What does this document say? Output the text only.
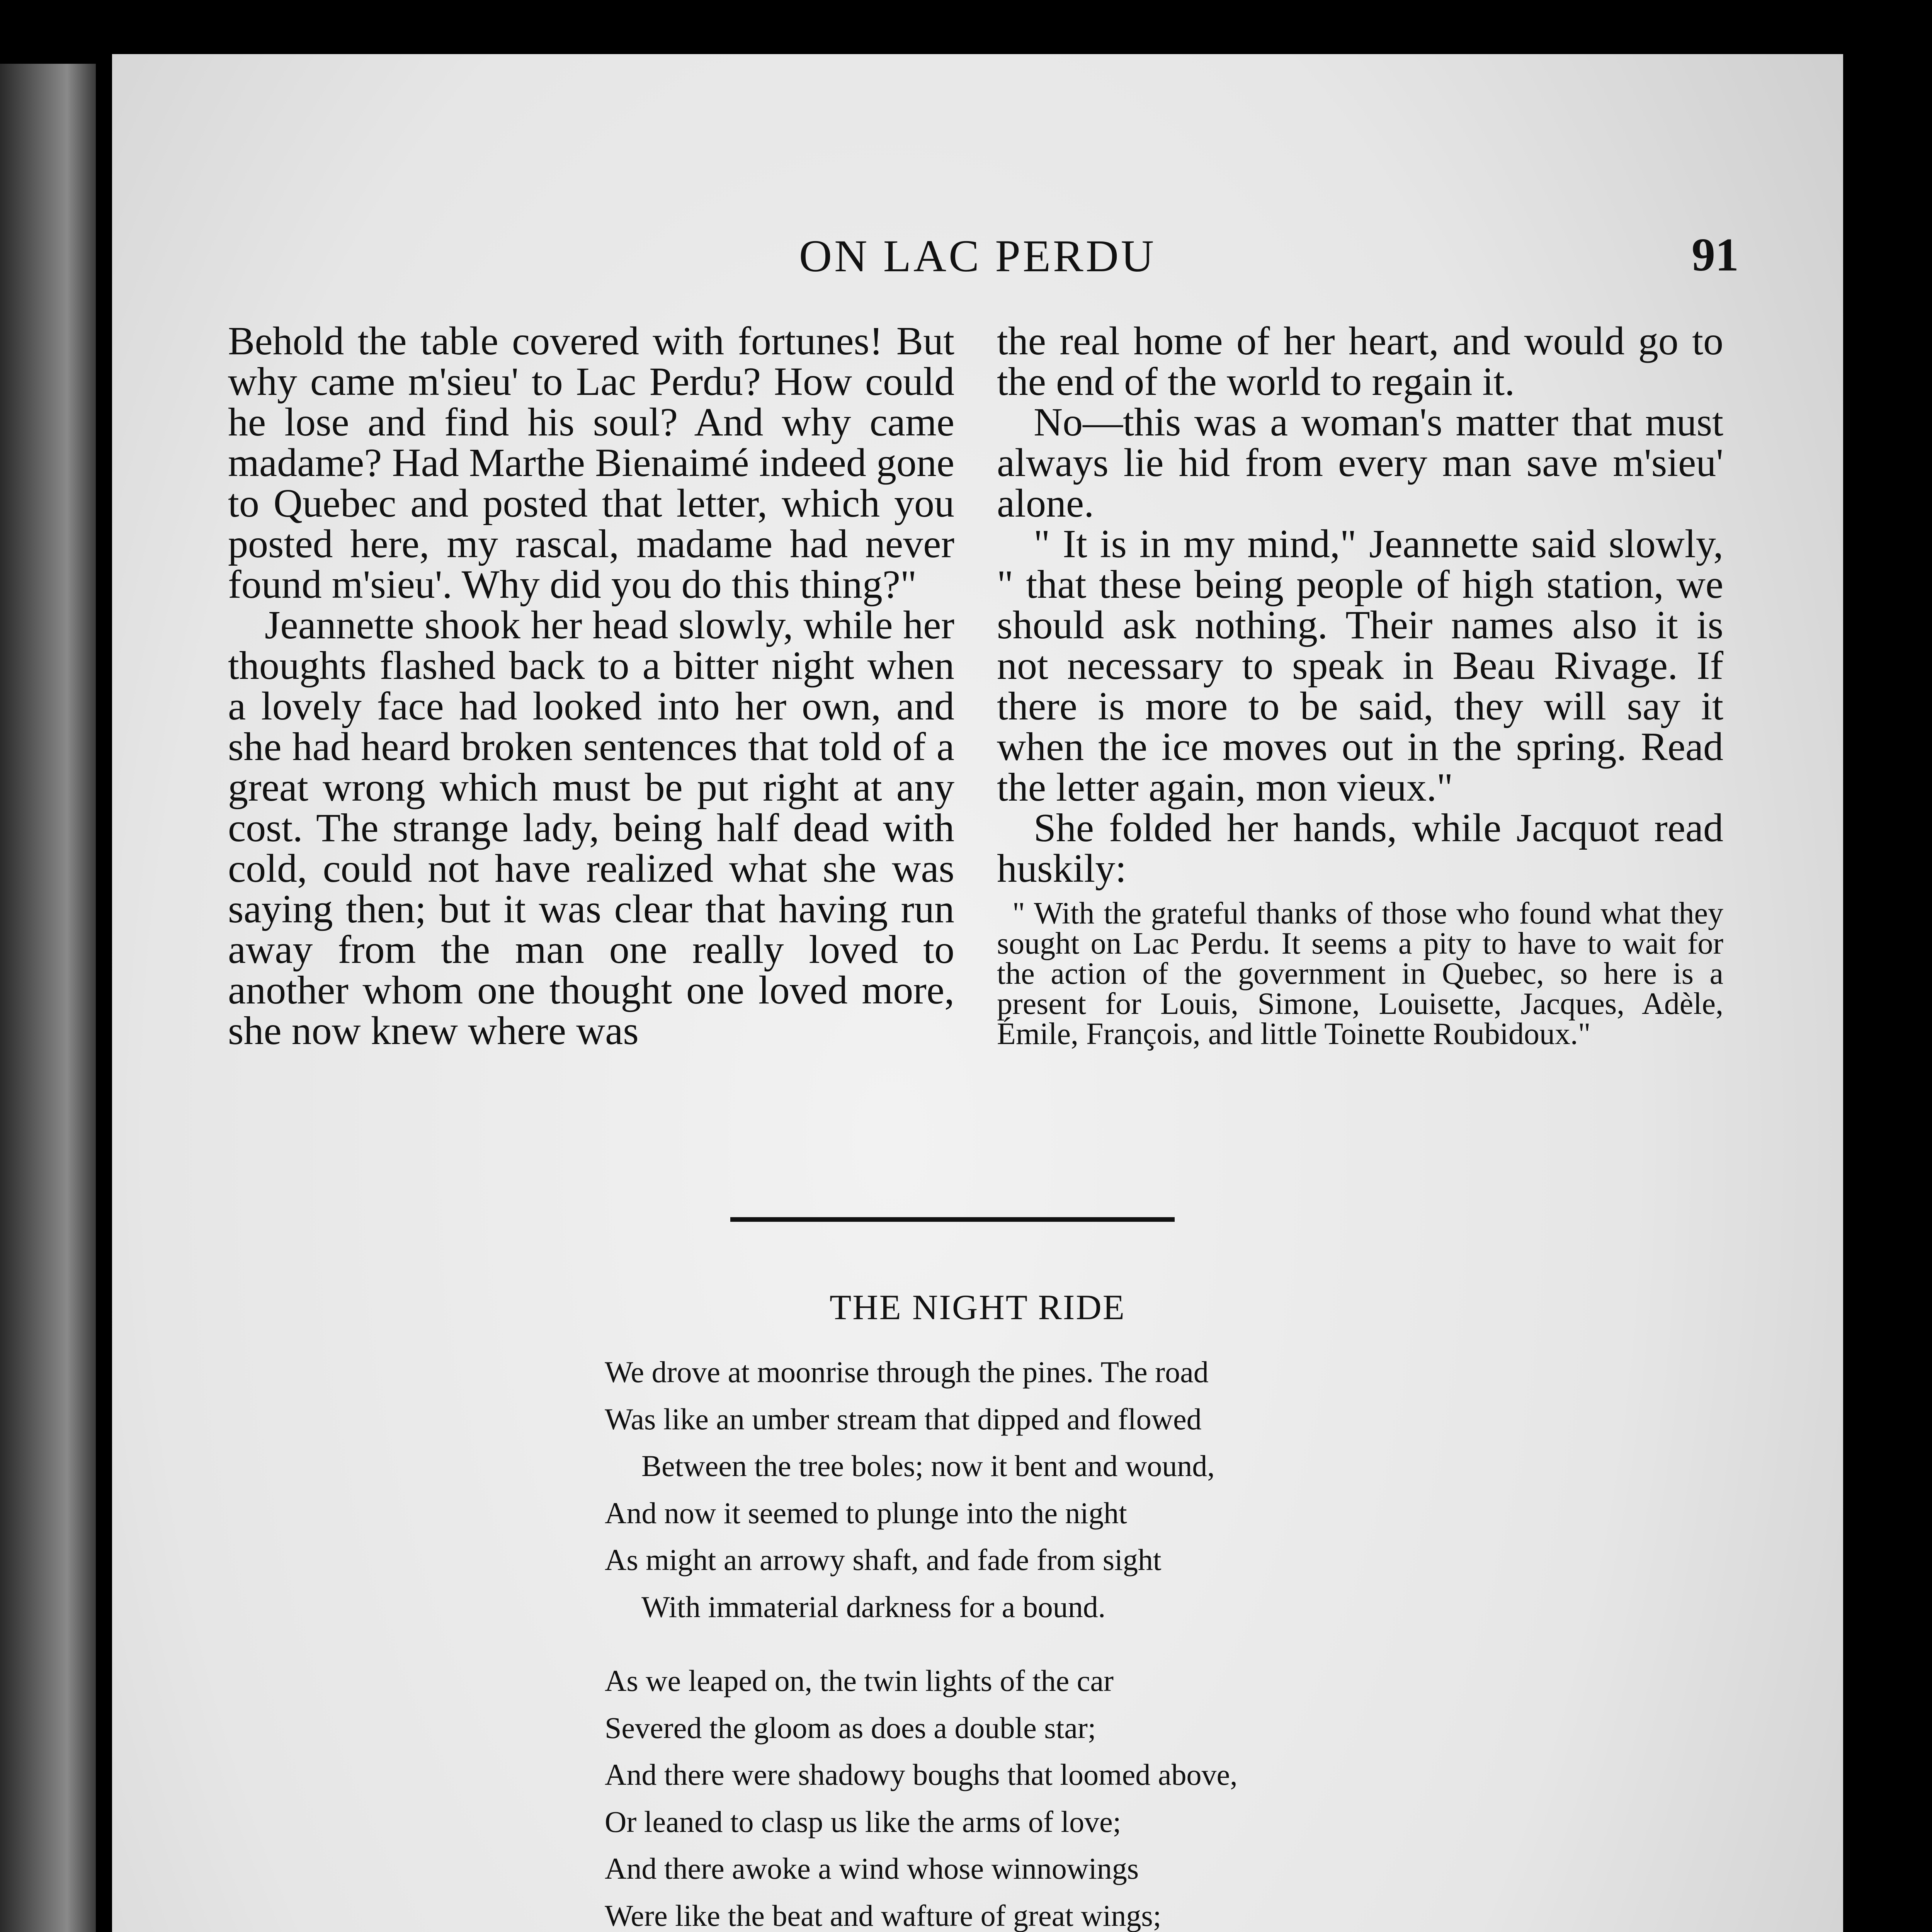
ON LAC PERDU	91

Behold the table covered with fortunes! But why came m'sieu' to Lac Perdu? How could he lose and find his soul? And why came madame? Had Marthe Bienaimé indeed gone to Quebec and posted that letter, which you posted here, my rascal, madame had never found m'sieu'. Why did you do this thing?"

Jeannette shook her head slowly, while her thoughts flashed back to a bitter night when a lovely face had looked into her own, and she had heard broken sentences that told of a great wrong which must be put right at any cost. The strange lady, being half dead with cold, could not have realized what she was saying then; but it was clear that having run away from the man one really loved to another whom one thought one loved more, she now knew where was

the real home of her heart, and would go to the end of the world to regain it.

No—this was a woman's matter that must always lie hid from every man save m'sieu' alone.

" It is in my mind," Jeannette said slowly, " that these being people of high station, we should ask nothing. Their names also it is not necessary to speak in Beau Rivage. If there is more to be said, they will say it when the ice moves out in the spring. Read the letter again, mon vieux."

She folded her hands, while Jacquot read huskily:

" With the grateful thanks of those who found what they sought on Lac Perdu. It seems a pity to have to wait for the action of the government in Quebec, so here is a present for Louis, Simone, Louisette, Jacques, Adèle, Émile, François, and little Toinette Roubidoux."

THE NIGHT RIDE
We drove at moonrise through the pines. The road
Was like an umber stream that dipped and flowed
Between the tree boles; now it bent and wound,
And now it seemed to plunge into the night
As might an arrowy shaft, and fade from sight
With immaterial darkness for a bound.
As we leaped on, the twin lights of the car
Severed the gloom as does a double star;
And there were shadowy boughs that loomed above,
Or leaned to clasp us like the arms of love;
And there awoke a wind whose winnowings
Were like the beat and wafture of great wings;
